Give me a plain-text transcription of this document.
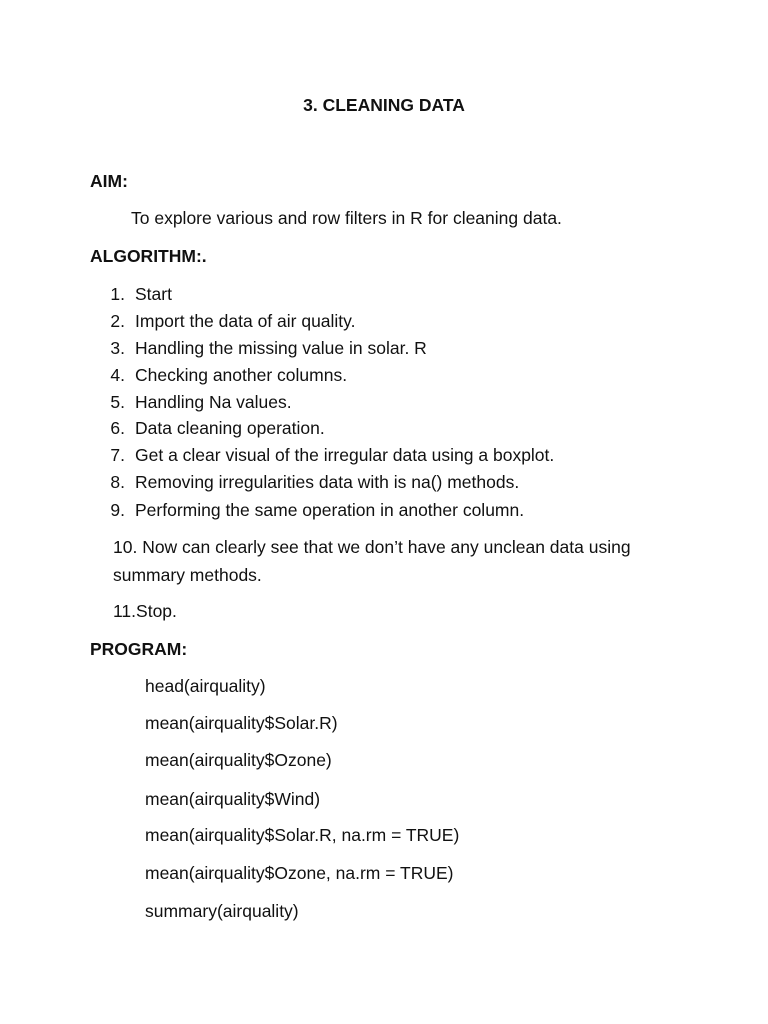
3. CLEANING DATA
AIM:
To explore various and row filters in R for cleaning data.
ALGORITHM:.
1. Start
2. Import the data of air quality.
3. Handling the missing value in solar. R
4. Checking another columns.
5. Handling Na values.
6. Data cleaning operation.
7. Get a clear visual of the irregular data using a boxplot.
8. Removing irregularities data with is na() methods.
9. Performing the same operation in another column.
10. Now can clearly see that we don’t have any unclean data using
summary methods.
11.Stop.
PROGRAM:
head(airquality)
mean(airquality$Solar.R)
mean(airquality$Ozone)
mean(airquality$Wind)
mean(airquality$Solar.R, na.rm = TRUE)
mean(airquality$Ozone, na.rm = TRUE)
summary(airquality)
